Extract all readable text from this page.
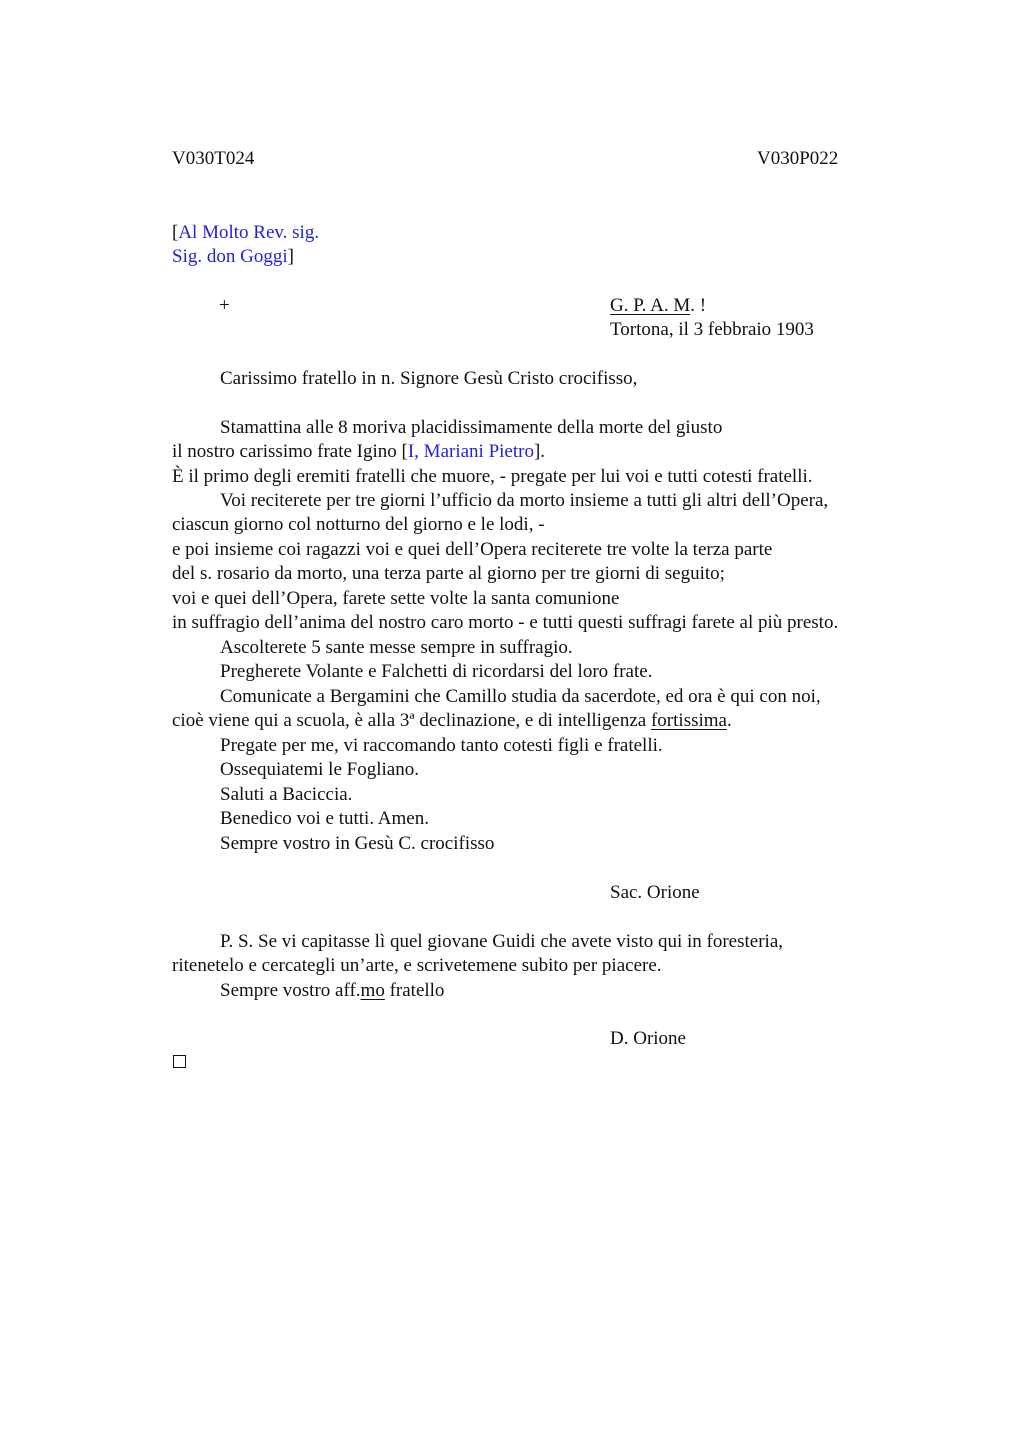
V030T024	V030P022
[Al Molto Rev. sig.
Sig. don Goggi]
+	G. P. A. M. !
Tortona, il 3 febbraio 1903
Carissimo fratello in n. Signore Gesù Cristo crocifisso,
Stamattina alle 8 moriva placidissimamente della morte del giusto
il nostro carissimo frate Igino [I, Mariani Pietro].
È il primo degli eremiti fratelli che muore, - pregate per lui voi e tutti cotesti fratelli.
Voi reciterete per tre giorni l’ufficio da morto insieme a tutti gli altri dell’Opera,
ciascun giorno col notturno del giorno e le lodi, -
e poi insieme coi ragazzi voi e quei dell’Opera reciterete tre volte la terza parte
del s. rosario da morto, una terza parte al giorno per tre giorni di seguito;
voi e quei dell’Opera, farete sette volte la santa comunione
in suffragio dell’anima del nostro caro morto - e tutti questi suffragi farete al più presto.
Ascolterete 5 sante messe sempre in suffragio.
Pregherete Volante e Falchetti di ricordarsi del loro frate.
Comunicate a Bergamini che Camillo studia da sacerdote, ed ora è qui con noi,
cioè viene qui a scuola, è alla 3ª declinazione, e di intelligenza fortissima.
Pregate per me, vi raccomando tanto cotesti figli e fratelli.
Ossequiatemi le Fogliano.
Saluti a Baciccia.
Benedico voi e tutti. Amen.
Sempre vostro in Gesù C. crocifisso
Sac. Orione
P. S. Se vi capitasse lì quel giovane Guidi che avete visto qui in foresteria,
ritenetelo e cercategli un’arte, e scrivetemene subito per piacere.
Sempre vostro aff.mo fratello
D. Orione
